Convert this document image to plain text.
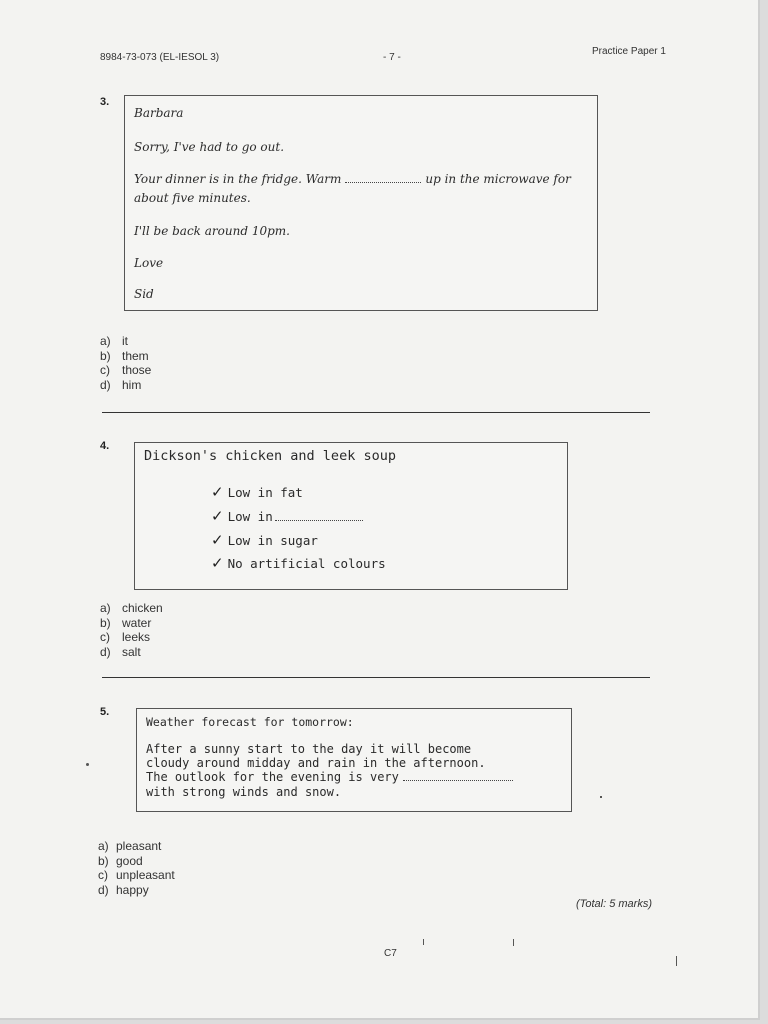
8984-73-073 (EL-IESOL 3)	- 7 -
Practice Paper 1
3.
Barbara
Sorry, I've had to go out.
Your dinner is in the fridge. Warm	up in the microwave for
about five minutes.
I'll be back around 10pm.
Love
Sid
a) it
b) them
c) those
d) him
4.
Dickson's chicken and leek soup
✓ Low in fat
✓ Low in
✓ Low in sugar
✓ No artificial colours
a) chicken
b) water
c) leeks
d) salt
5.
Weather forecast for tomorrow:
After a sunny start to the day it will become
cloudy around midday and rain in the afternoon.
The outlook for the evening is very
with strong winds and snow.
a) pleasant
b) good
c) unpleasant
d) happy
(Total: 5 marks)
C7
